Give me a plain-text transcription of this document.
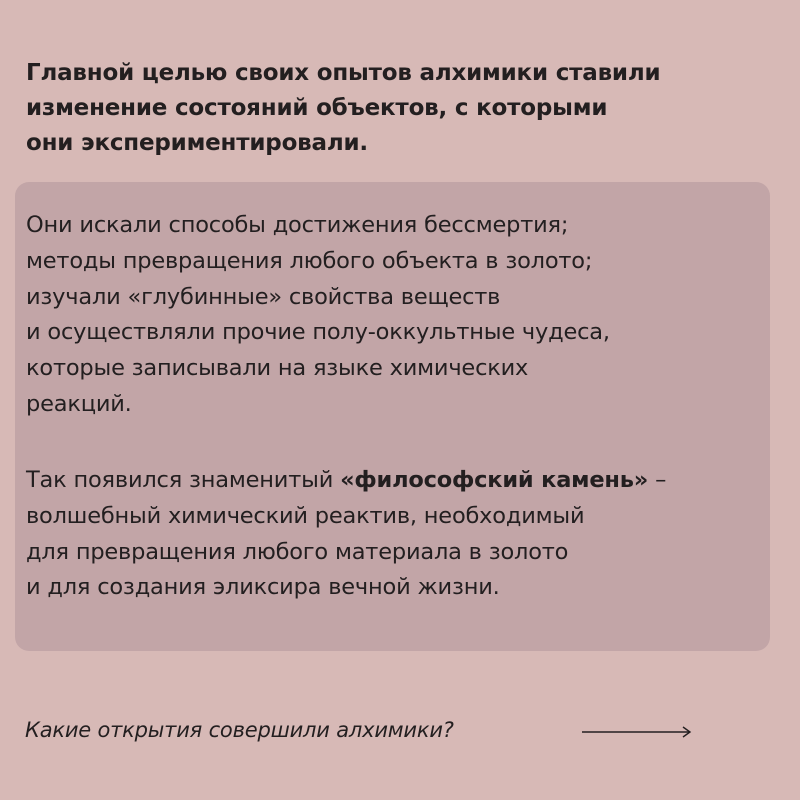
Главной целью своих опытов алхимики ставили
изменение состояний объектов, с которыми
они экспериментировали.
Они искали способы достижения бессмертия;
методы превращения любого объекта в золото;
изучали «глубинные» свойства веществ
и осуществляли прочие полу-оккультные чудеса,
которые записывали на языке химических
реакций.
Так появился знаменитый «философский камень» –
волшебный химический реактив, необходимый
для превращения любого материала в золото
и для создания эликсира вечной жизни.
Какие открытия совершили алхимики?
